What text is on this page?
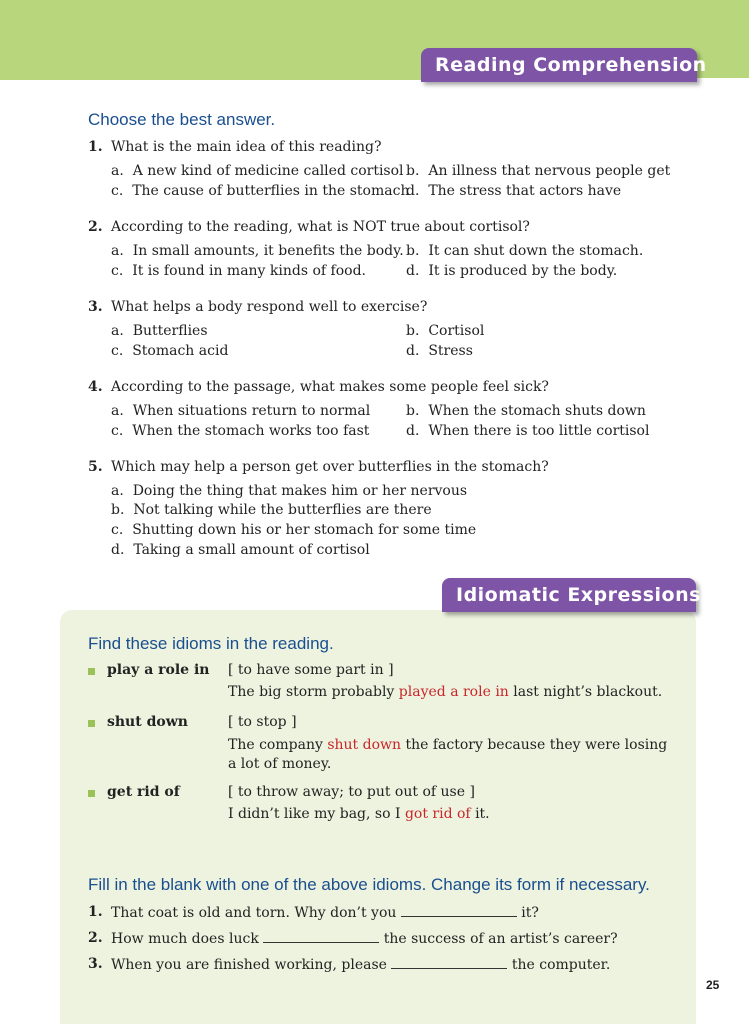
Reading Comprehension
Choose the best answer.
1. What is the main idea of this reading?
a. A new kind of medicine called cortisol b. An illness that nervous people get
c. The cause of butterflies in the stomach
d. The stress that actors have
2. According to the reading, what is NOT true about cortisol?
a. In small amounts, it benefits the body. b. It can shut down the stomach.
c. It is found in many kinds of food.	d. It is produced by the body.
3. What helps a body respond well to exercise?
a. Butterflies	b. Cortisol
c. Stomach acid	d. Stress
4. According to the passage, what makes some people feel sick?
a. When situations return to normal	b. When the stomach shuts down
c. When the stomach works too fast	d. When there is too little cortisol
5. Which may help a person get over butterflies in the stomach?
a. Doing the thing that makes him or her nervous
b. Not talking while the butterflies are there
c. Shutting down his or her stomach for some time
d. Taking a small amount of cortisol
Idiomatic Expressions
Find these idioms in the reading.
play a role in [ to have some part in ]
The big storm probably played a role in last night’s blackout.
shut down	[ to stop ]
The company shut down the factory because they were losing a lot of money.
get rid of	[ to throw away; to put out of use ]
I didn’t like my bag, so I got rid of it.
Fill in the blank with one of the above idioms. Change its form if necessary.
1. That coat is old and torn. Why don’t you	it?
2. How much does luck	the success of an artist’s career?
3. When you are finished working, please	the computer.
25
